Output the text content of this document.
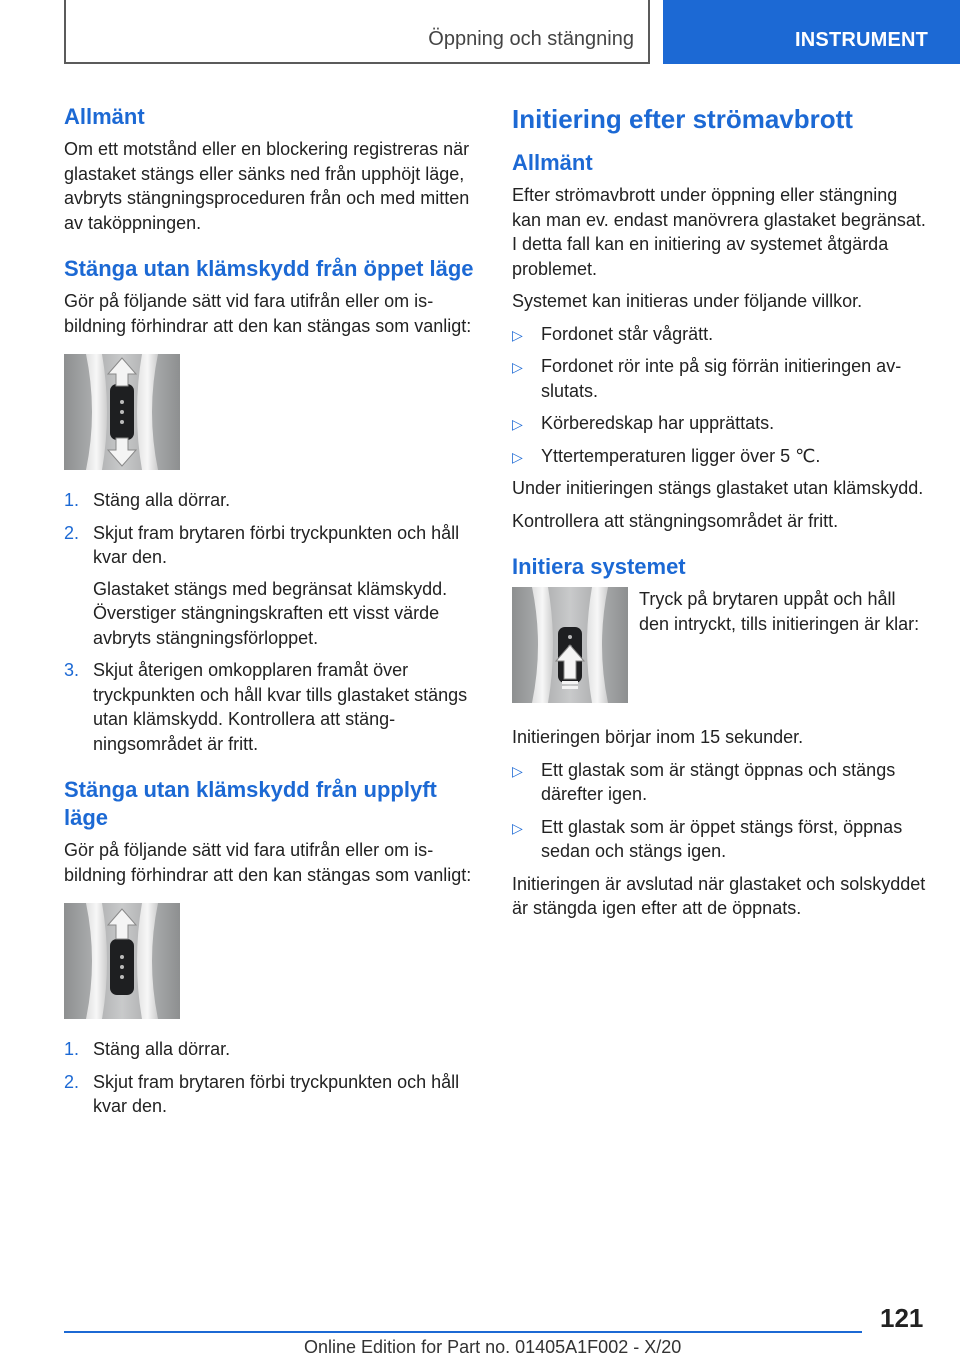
Öppning och stängning	INSTRUMENT
Allmänt

Om ett motstånd eller en blockering registreras när glastaket stängs eller sänks ned från upphöjt läge, avbryts stängningsproceduren från och med mitten av taköppningen.

Stänga utan klämskydd från öppet läge

Gör på följande sätt vid fara utifrån eller om isbildning förhindrar att den kan stängas som vanligt:

1. Stäng alla dörrar.
2. Skjut fram brytaren förbi tryckpunkten och håll kvar den.
Glastaket stängs med begränsat klämskydd. Överstiger stängningskraften ett visst värde avbryts stängningsförloppet.
3. Skjut återigen omkopplaren framåt över tryckpunkten och håll kvar tills glastaket stängs utan klämskydd. Kontrollera att stängningsområdet är fritt.
Stänga utan klämskydd från upplyft läge

Gör på följande sätt vid fara utifrån eller om isbildning förhindrar att den kan stängas som vanligt:

1. Stäng alla dörrar.
2. Skjut fram brytaren förbi tryckpunkten och håll kvar den.
Initiering efter strömavbrott
Allmänt

Efter strömavbrott under öppning eller stängning kan man ev. endast manövrera glastaket begränsat. I detta fall kan en initiering av systemet åtgärda problemet.

Systemet kan initieras under följande villkor.

▷ Fordonet står vågrätt.
▷ Fordonet rör inte på sig förrän initieringen avslutats.
▷ Körberedskap har upprättats.
▷ Yttertemperaturen ligger över 5 ℃.

Under initieringen stängs glastaket utan klämskydd.

Kontrollera att stängningsområdet är fritt.

Initiera systemet

Tryck på brytaren uppåt och håll den intryckt, tills initieringen är klar:

Initieringen börjar inom 15 sekunder.

▷ Ett glastak som är stängt öppnas och stängs därefter igen.
▷ Ett glastak som är öppet stängs först, öppnas sedan och stängs igen.

Initieringen är avslutad när glastaket och solskyddet är stängda igen efter att de öppnats.

121
Online Edition for Part no. 01405A1F002 - X/20
